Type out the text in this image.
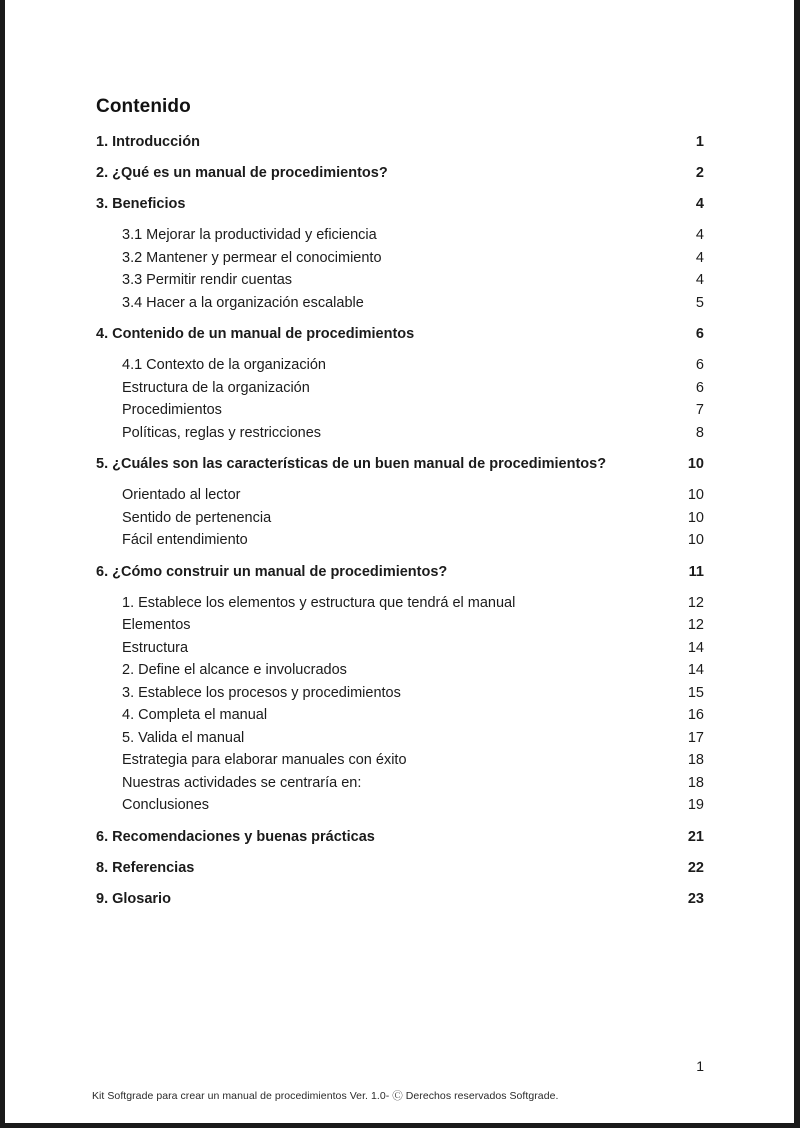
Contenido
1. Introducción	1
2. ¿Qué es un manual de procedimientos?	2
3. Beneficios	4
3.1 Mejorar la productividad y eficiencia	4
3.2 Mantener y permear el conocimiento	4
3.3 Permitir rendir cuentas	4
3.4 Hacer a la organización escalable	5
4. Contenido de un manual de procedimientos	6
4.1 Contexto de la organización	6
Estructura de la organización	6
Procedimientos	7
Políticas, reglas y restricciones	8
5. ¿Cuáles son las características de un buen manual de procedimientos?	10
Orientado al lector	10
Sentido de pertenencia	10
Fácil entendimiento	10
6. ¿Cómo construir un manual de procedimientos?	11
1. Establece los elementos y estructura que tendrá el manual	12
Elementos	12
Estructura	14
2. Define el alcance e involucrados	14
3. Establece los procesos y procedimientos	15
4. Completa el manual	16
5. Valida el manual	17
Estrategia para elaborar manuales con éxito	18
Nuestras actividades se centraría en:	18
Conclusiones	19
6. Recomendaciones y buenas prácticas	21
8. Referencias	22
9. Glosario	23
1
Kit Softgrade para crear un manual de procedimientos Ver. 1.0- Ⓒ Derechos reservados Softgrade.
